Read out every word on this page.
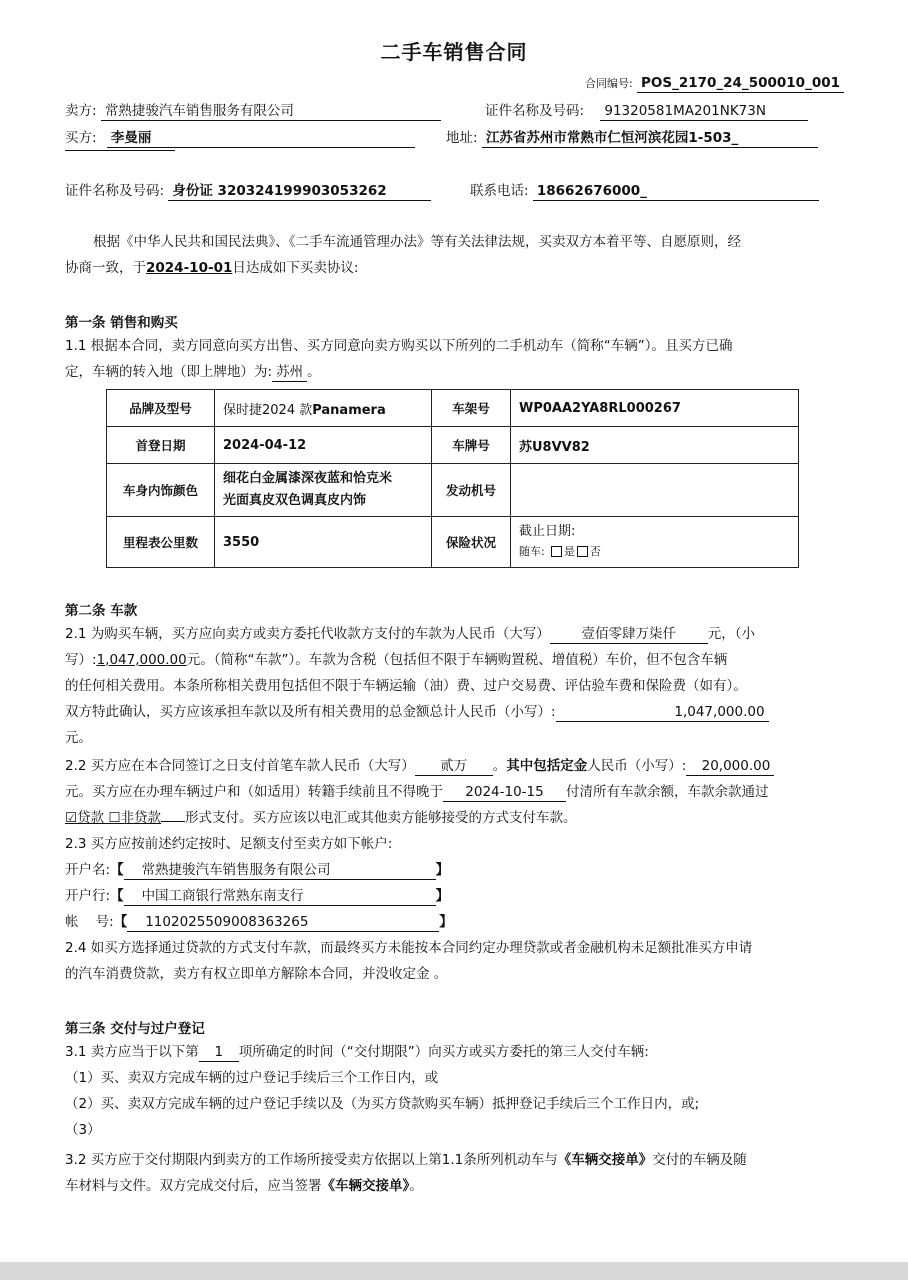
二手车销售合同
合同编号: POS_2170_24_500010_001
卖方: 常熟捷骏汽车销售服务有限公司	证件名称及号码: 91320581MA201NK73N
买方: 李曼丽	地址: 江苏省苏州市常熟市仁恒河滨花园1-503_
证件名称及号码: 身份证 320324199903053262	联系电话: 18662676000_
根据《中华人民共和国民法典》、《二手车流通管理办法》等有关法律法规，买卖双方本着平等、自愿原则，经
协商一致，于2024-10-01日达成如下买卖协议:
第一条 销售和购买
1.1 根据本合同，卖方同意向买方出售、买方同意向卖方购买以下所列的二手机动车（简称“车辆”）。且买方已确
定，车辆的转入地（即上牌地）为: 苏州 。
品牌及型号	保时捷2024 款Panamera	车架号	WP0AA2YA8RL000267
首登日期	2024-04-12	车牌号	苏U8VV82
车身内饰颜色	细花白金属漆深夜蓝和恰克米
光面真皮双色调真皮内饰	发动机号	
里程表公里数	3550	保险状况	截止日期:
随车: 是 否
第二条 车款
2.1 为购买车辆，买方应向卖方或卖方委托代收款方支付的车款为人民币（大写） 壹佰零肆万柒仟 元，（小
写）:1,047,000.00元。（简称“车款”）。车款为含税（包括但不限于车辆购置税、增值税）车价，但不包含车辆
的任何相关费用。本条所称相关费用包括但不限于车辆运输（油）费、过户交易费、评估验车费和保险费（如有）。
双方特此确认，买方应该承担车款以及所有相关费用的总金额总计人民币（小写）:	1,047,000.00
元。
2.2 买方应在本合同签订之日支付首笔车款人民币（大写） 贰万 。其中包括定金人民币（小写）: 20,000.00
元。买方应在办理车辆过户和（如适用）转籍手续前且不得晚于 2024-10-15 付清所有车款余额，车款余款通过
☑贷款 ☐非贷款 形式支付。买方应该以电汇或其他卖方能够接受的方式支付车款。
2.3 买方应按前述约定按时、足额支付至卖方如下帐户:
开户名:【 常熟捷骏汽车销售服务有限公司	】
开户行:【 中国工商银行常熟东南支行	】
帐    号:【 1102025509008363265	】
2.4 如买方选择通过贷款的方式支付车款，而最终买方未能按本合同约定办理贷款或者金融机构未足额批准买方申请
的汽车消费贷款，卖方有权立即单方解除本合同，并没收定金 。
第三条 交付与过户登记
3.1 卖方应当于以下第 1 项所确定的时间（“交付期限”）向买方或买方委托的第三人交付车辆:
（1）买、卖双方完成车辆的过户登记手续后三个工作日内，或
（2）买、卖双方完成车辆的过户登记手续以及（为买方贷款购买车辆）抵押登记手续后三个工作日内，或;
（3）
3.2 买方应于交付期限内到卖方的工作场所接受卖方依据以上第1.1条所列机动车与《车辆交接单》交付的车辆及随
车材料与文件。双方完成交付后，应当签署《车辆交接单》。
